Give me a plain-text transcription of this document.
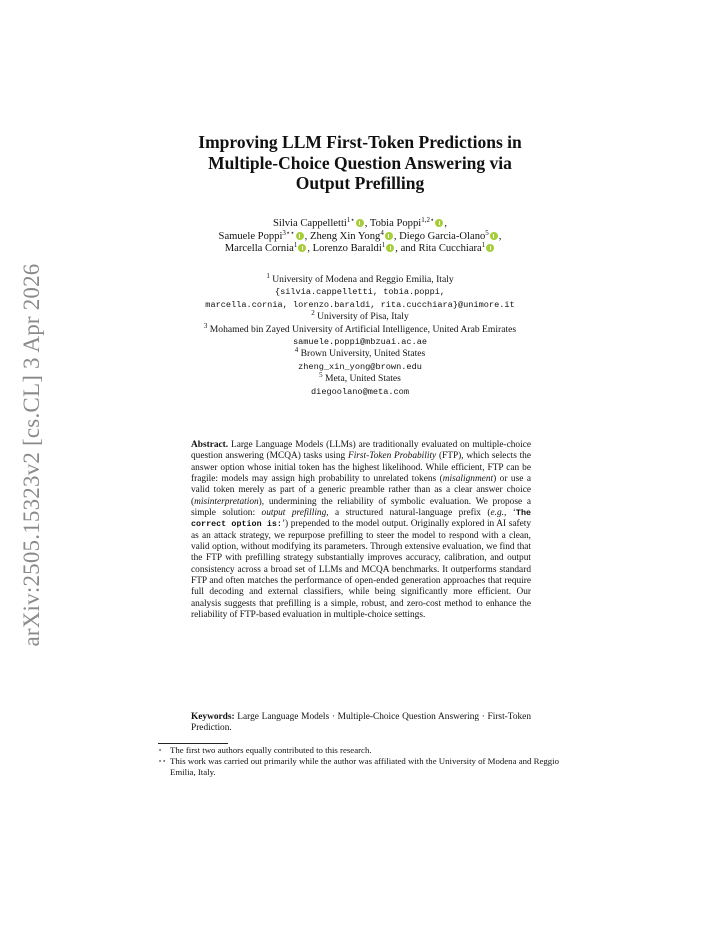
arXiv:2505.15323v2 [cs.CL] 3 Apr 2026
Improving LLM First-Token Predictions in
Multiple-Choice Question Answering via
Output Prefilling
Silvia Cappelletti$^{1⋆}$ , Tobia Poppi$^{1,2⋆}$ ,
Samuele Poppi$^{3⋆⋆}$ , Zheng Xin Yong$^4$ , Diego Garcia-Olano$^5$ ,
Marcella Cornia$^1$ , Lorenzo Baraldi$^1$ , and Rita Cucchiara$^1$
$^1$ University of Modena and Reggio Emilia, Italy
{silvia.cappelletti, tobia.poppi,
marcella.cornia, lorenzo.baraldi, rita.cucchiara}@unimore.it
$^2$ University of Pisa, Italy
$^3$ Mohamed bin Zayed University of Artificial Intelligence, United Arab Emirates
samuele.poppi@mbzuai.ac.ae
$^4$ Brown University, United States
zheng_xin_yong@brown.edu
$^5$ Meta, United States
diegoolano@meta.com
Abstract. Large Language Models (LLMs) are traditionally evaluated on multiple-choice question answering (MCQA) tasks using First-Token Probability (FTP), which selects the answer option whose initial token has the highest likelihood. While efficient, FTP can be fragile: models may assign high probability to unrelated tokens (misalignment) or use a valid token merely as part of a generic preamble rather than as a clear answer choice (misinterpretation), undermining the reliability of symbolic evaluation. We propose a simple solution: output prefilling, a structured natural-language prefix (e.g., ‘The correct option is:’) prepended to the model output. Originally explored in AI safety as an attack strategy, we repurpose prefilling to steer the model to respond with a clean, valid option, without modifying its parameters. Through extensive evaluation, we find that the FTP with prefilling strategy substantially improves accuracy, calibration, and output consistency across a broad set of LLMs and MCQA benchmarks. It outperforms standard FTP and often matches the performance of open-ended generation approaches that require full decoding and external classifiers, while being significantly more efficient. Our analysis suggests that prefilling is a simple, robust, and zero-cost method to enhance the reliability of FTP-based evaluation in multiple-choice settings.
Keywords: Large Language Models · Multiple-Choice Question Answering · First-Token Prediction.
⋆ The first two authors equally contributed to this research.
⋆⋆ This work was carried out primarily while the author was affiliated with the University of Modena and Reggio Emilia, Italy.
